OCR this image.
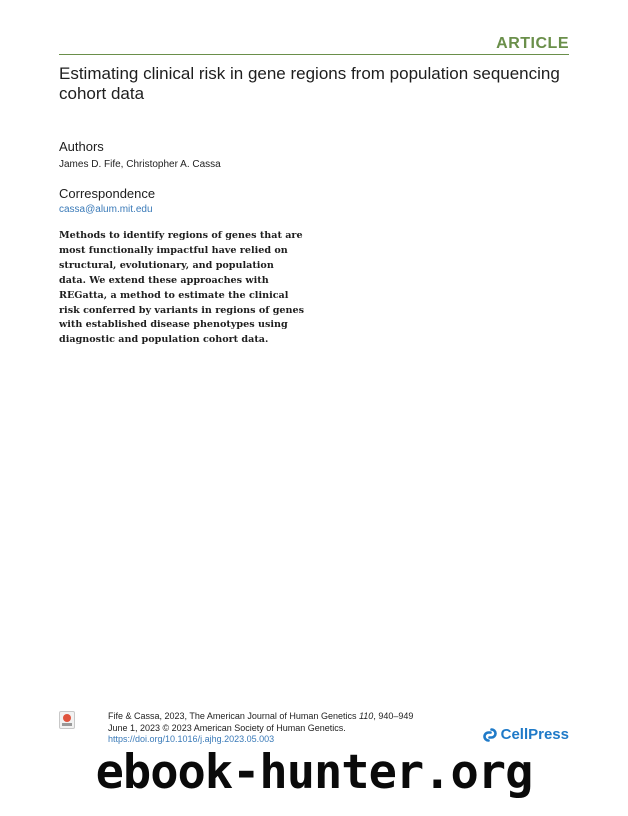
ARTICLE
Estimating clinical risk in gene regions from population sequencing
cohort data
Authors
James D. Fife, Christopher A. Cassa
Correspondence
cassa@alum.mit.edu
Methods to identify regions of genes that are
most functionally impactful have relied on
structural, evolutionary, and population
data. We extend these approaches with
REGatta, a method to estimate the clinical
risk conferred by variants in regions of genes
with established disease phenotypes using
diagnostic and population cohort data.
Fife & Cassa, 2023, The American Journal of Human Genetics 110, 940–949
June 1, 2023 © 2023 American Society of Human Genetics.
https://doi.org/10.1016/j.ajhg.2023.05.003	CellPress
ebook-hunter.org
